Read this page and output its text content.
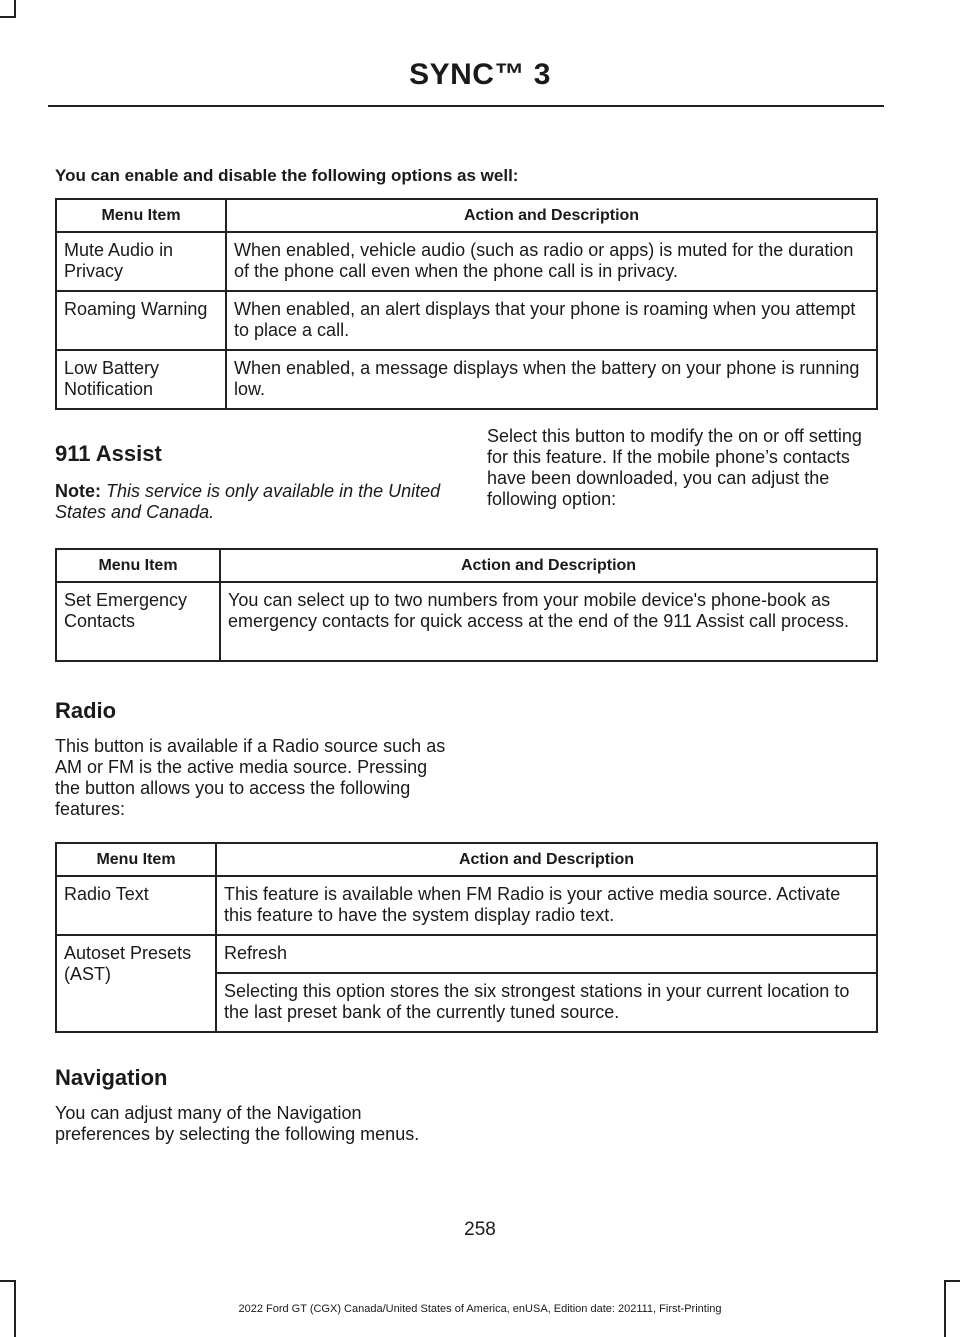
SYNC™ 3
You can enable and disable the following options as well:
Menu Item	Action and Description
Mute Audio in Privacy	When enabled, vehicle audio (such as radio or apps) is muted for the duration of the phone call even when the phone call is in privacy.
Roaming Warning	When enabled, an alert displays that your phone is roaming when you attempt to place a call.
Low Battery Notification	When enabled, a message displays when the battery on your phone is running low.
911 Assist

Note: This service is only available in the United States and Canada.

Select this button to modify the on or off setting for this feature. If the mobile phone’s contacts have been downloaded, you can adjust the following option:

Menu Item	Action and Description
Set Emergency Contacts	You can select up to two numbers from your mobile device's phone-book as emergency contacts for quick access at the end of the 911 Assist call process.
Radio

This button is available if a Radio source such as AM or FM is the active media source. Pressing the button allows you to access the following features:

Menu Item	Action and Description
Radio Text	This feature is available when FM Radio is your active media source. Activate this feature to have the system display radio text.
Autoset Presets (AST)	Refresh
	Selecting this option stores the six strongest stations in your current location to the last preset bank of the currently tuned source.
Navigation

You can adjust many of the Navigation preferences by selecting the following menus.

258
2022 Ford GT (CGX) Canada/United States of America, enUSA, Edition date: 202111, First-Printing
